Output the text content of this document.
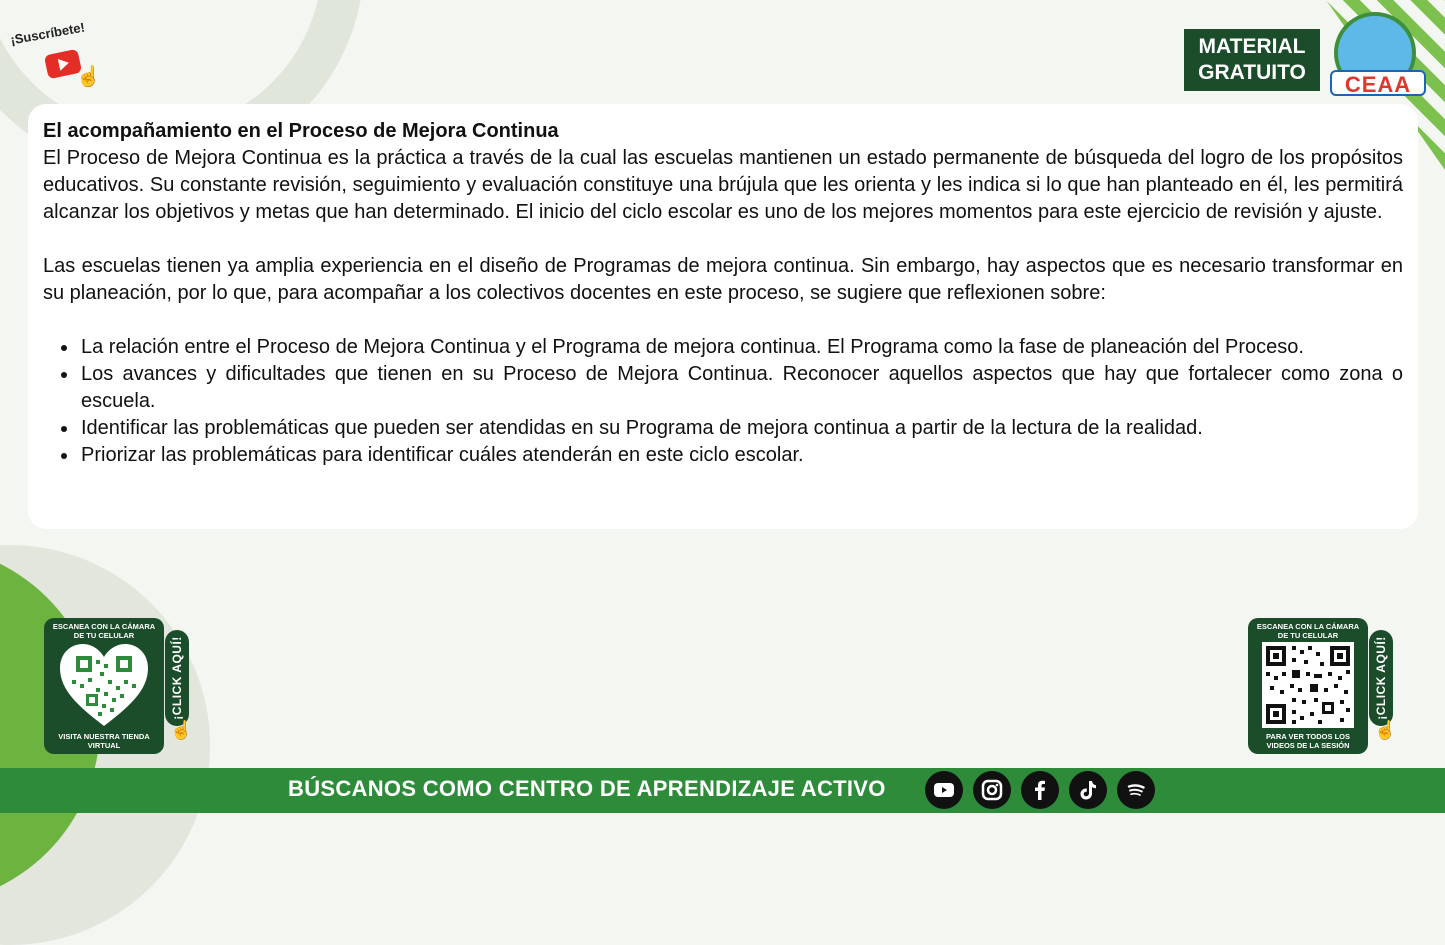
¡Suscríbete!
☝
MATERIAL
GRATUITO	CEAA

El acompañamiento en el Proceso de Mejora Continua

El Proceso de Mejora Continua es la práctica a través de la cual las escuelas mantienen un estado permanente de búsqueda del logro de los propósitos educativos. Su constante revisión, seguimiento y evaluación constituye una brújula que les orienta y les indica si lo que han planteado en él, les permitirá alcanzar los objetivos y metas que han determinado. El inicio del ciclo escolar es uno de los mejores momentos para este ejercicio de revisión y ajuste.

Las escuelas tienen ya amplia experiencia en el diseño de Programas de mejora continua. Sin embargo, hay aspectos que es necesario transformar en su planeación, por lo que, para acompañar a los colectivos docentes en este proceso, se sugiere que reflexionen sobre:

La relación entre el Proceso de Mejora Continua y el Programa de mejora continua. El Programa como la fase de planeación del Proceso.
Los avances y dificultades que tienen en su Proceso de Mejora Continua. Reconocer aquellos aspectos que hay que fortalecer como zona o escuela.
Identificar las problemáticas que pueden ser atendidas en su Programa de mejora continua a partir de la lectura de la realidad.
Priorizar las problemáticas para identificar cuáles atenderán en este ciclo escolar.
ESCANEA CON LA CÁMARA DE TU CELULAR
VISITA NUESTRA TIENDA VIRTUAL
¡CLICK AQUÍ!
☝
ESCANEA CON LA CÁMARA DE TU CELULAR
PARA VER TODOS LOS VIDEOS DE LA SESIÓN
¡CLICK AQUÍ!
☝
BÚSCANOS COMO CENTRO DE APRENDIZAJE ACTIVO
